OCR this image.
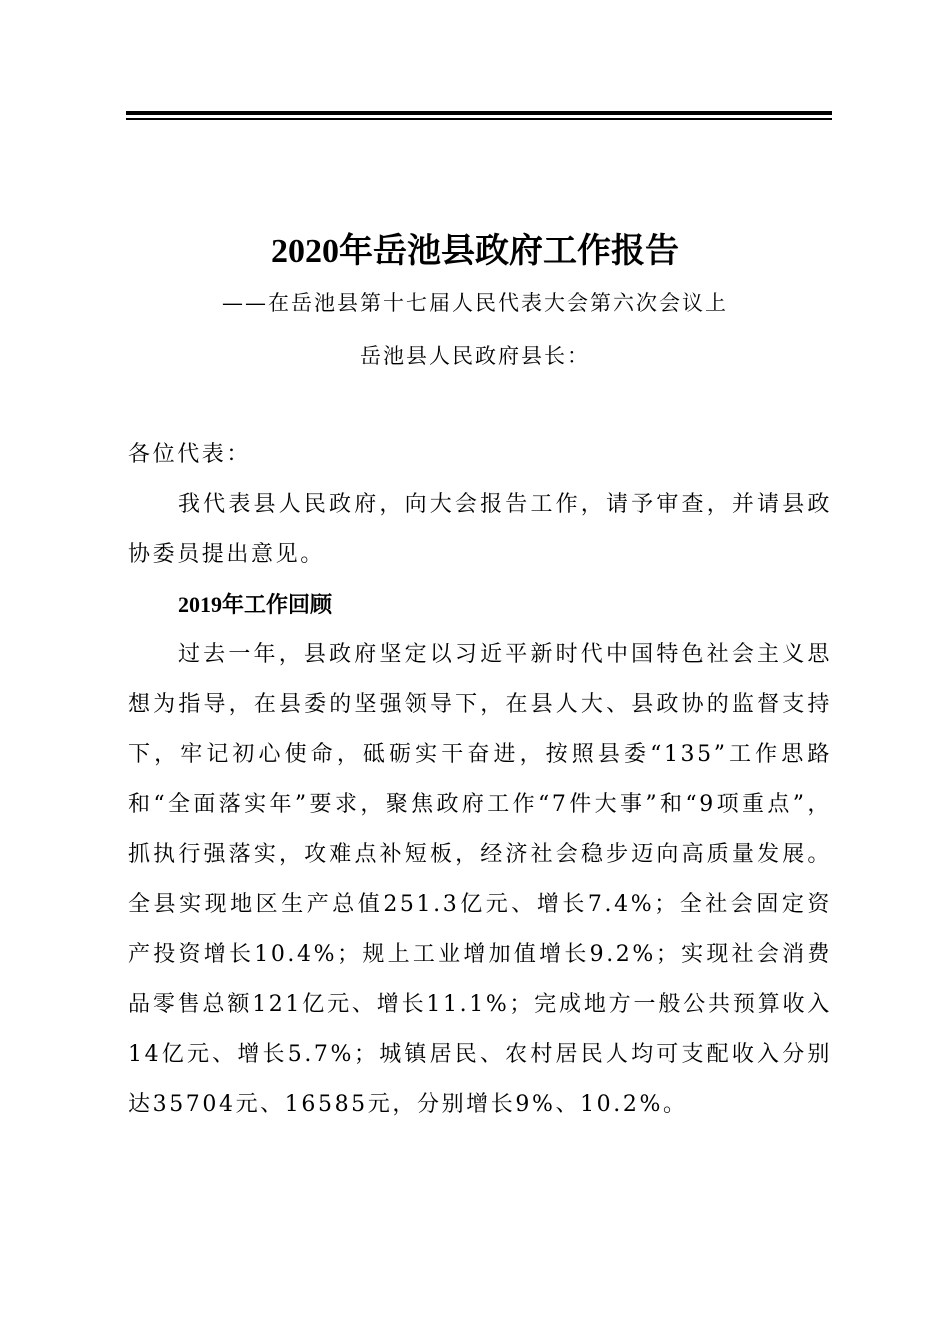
2020年岳池县政府工作报告
——在岳池县第十七届人民代表大会第六次会议上
岳池县人民政府县长：
各位代表：
我代表县人民政府，向大会报告工作，请予审查，并请县政协委员提出意见。
2019年工作回顾
过去一年，县政府坚定以习近平新时代中国特色社会主义思想为指导，在县委的坚强领导下，在县人大、县政协的监督支持下，牢记初心使命，砥砺实干奋进，按照县委“135”工作思路和“全面落实年”要求，聚焦政府工作“7件大事”和“9项重点”，抓执行强落实，攻难点补短板，经济社会稳步迈向高质量发展。全县实现地区生产总值251.3亿元、增长7.4%；全社会固定资产投资增长10.4%；规上工业增加值增长9.2%；实现社会消费品零售总额121亿元、增长11.1%；完成地方一般公共预算收入14亿元、增长5.7%；城镇居民、农村居民人均可支配收入分别达35704元、16585元，分别增长9%、10.2%。
